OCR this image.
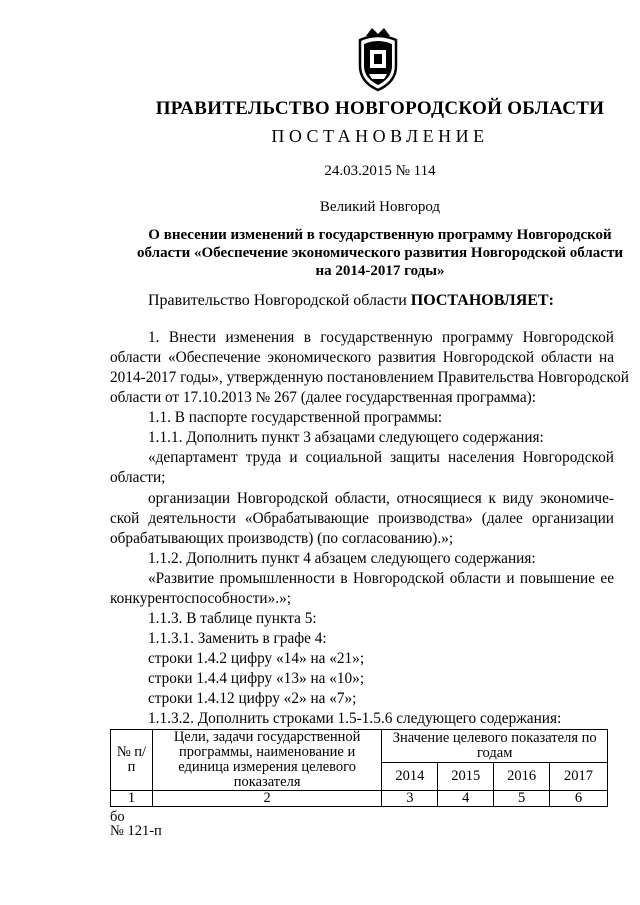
ПРАВИТЕЛЬСТВО НОВГОРОДСКОЙ ОБЛАСТИ
ПОСТАНОВЛЕНИЕ
24.03.2015 № 114
Великий Новгород
О внесении изменений в государственную программу Новгородской
области «Обеспечение экономического развития Новгородской области
на 2014-2017 годы»
Правительство Новгородской области ПОСТАНОВЛЯЕТ:
1. Внести изменения в государственную программу Новгородской
области «Обеспечение экономического развития Новгородской области на
2014-2017 годы», утвержденную постановлением Правительства Новгородской
области от 17.10.2013 № 267 (далее государственная программа):
1.1. В паспорте государственной программы:
1.1.1. Дополнить пункт 3 абзацами следующего содержания:
«департамент труда и социальной защиты населения Новгородской
области;
организации Новгородской области, относящиеся к виду экономиче-
ской деятельности «Обрабатывающие производства» (далее организации
обрабатывающих производств) (по согласованию).»;
1.1.2. Дополнить пункт 4 абзацем следующего содержания:
«Развитие промышленности в Новгородской области и повышение ее
конкурентоспособности».»;
1.1.3. В таблице пункта 5:
1.1.3.1. Заменить в графе 4:
строки 1.4.2 цифру «14» на «21»;
строки 1.4.4 цифру «13» на «10»;
строки 1.4.12 цифру «2» на «7»;
1.1.3.2. Дополнить строками 1.5-1.5.6 следующего содержания:
№ п/п	Цели, задачи государственной программы, наименование и единица измерения целевого показателя	Значение целевого показателя по годам			
		2014	2015	2016	2017
1	2	3	4	5	6
бо
№ 121-п
